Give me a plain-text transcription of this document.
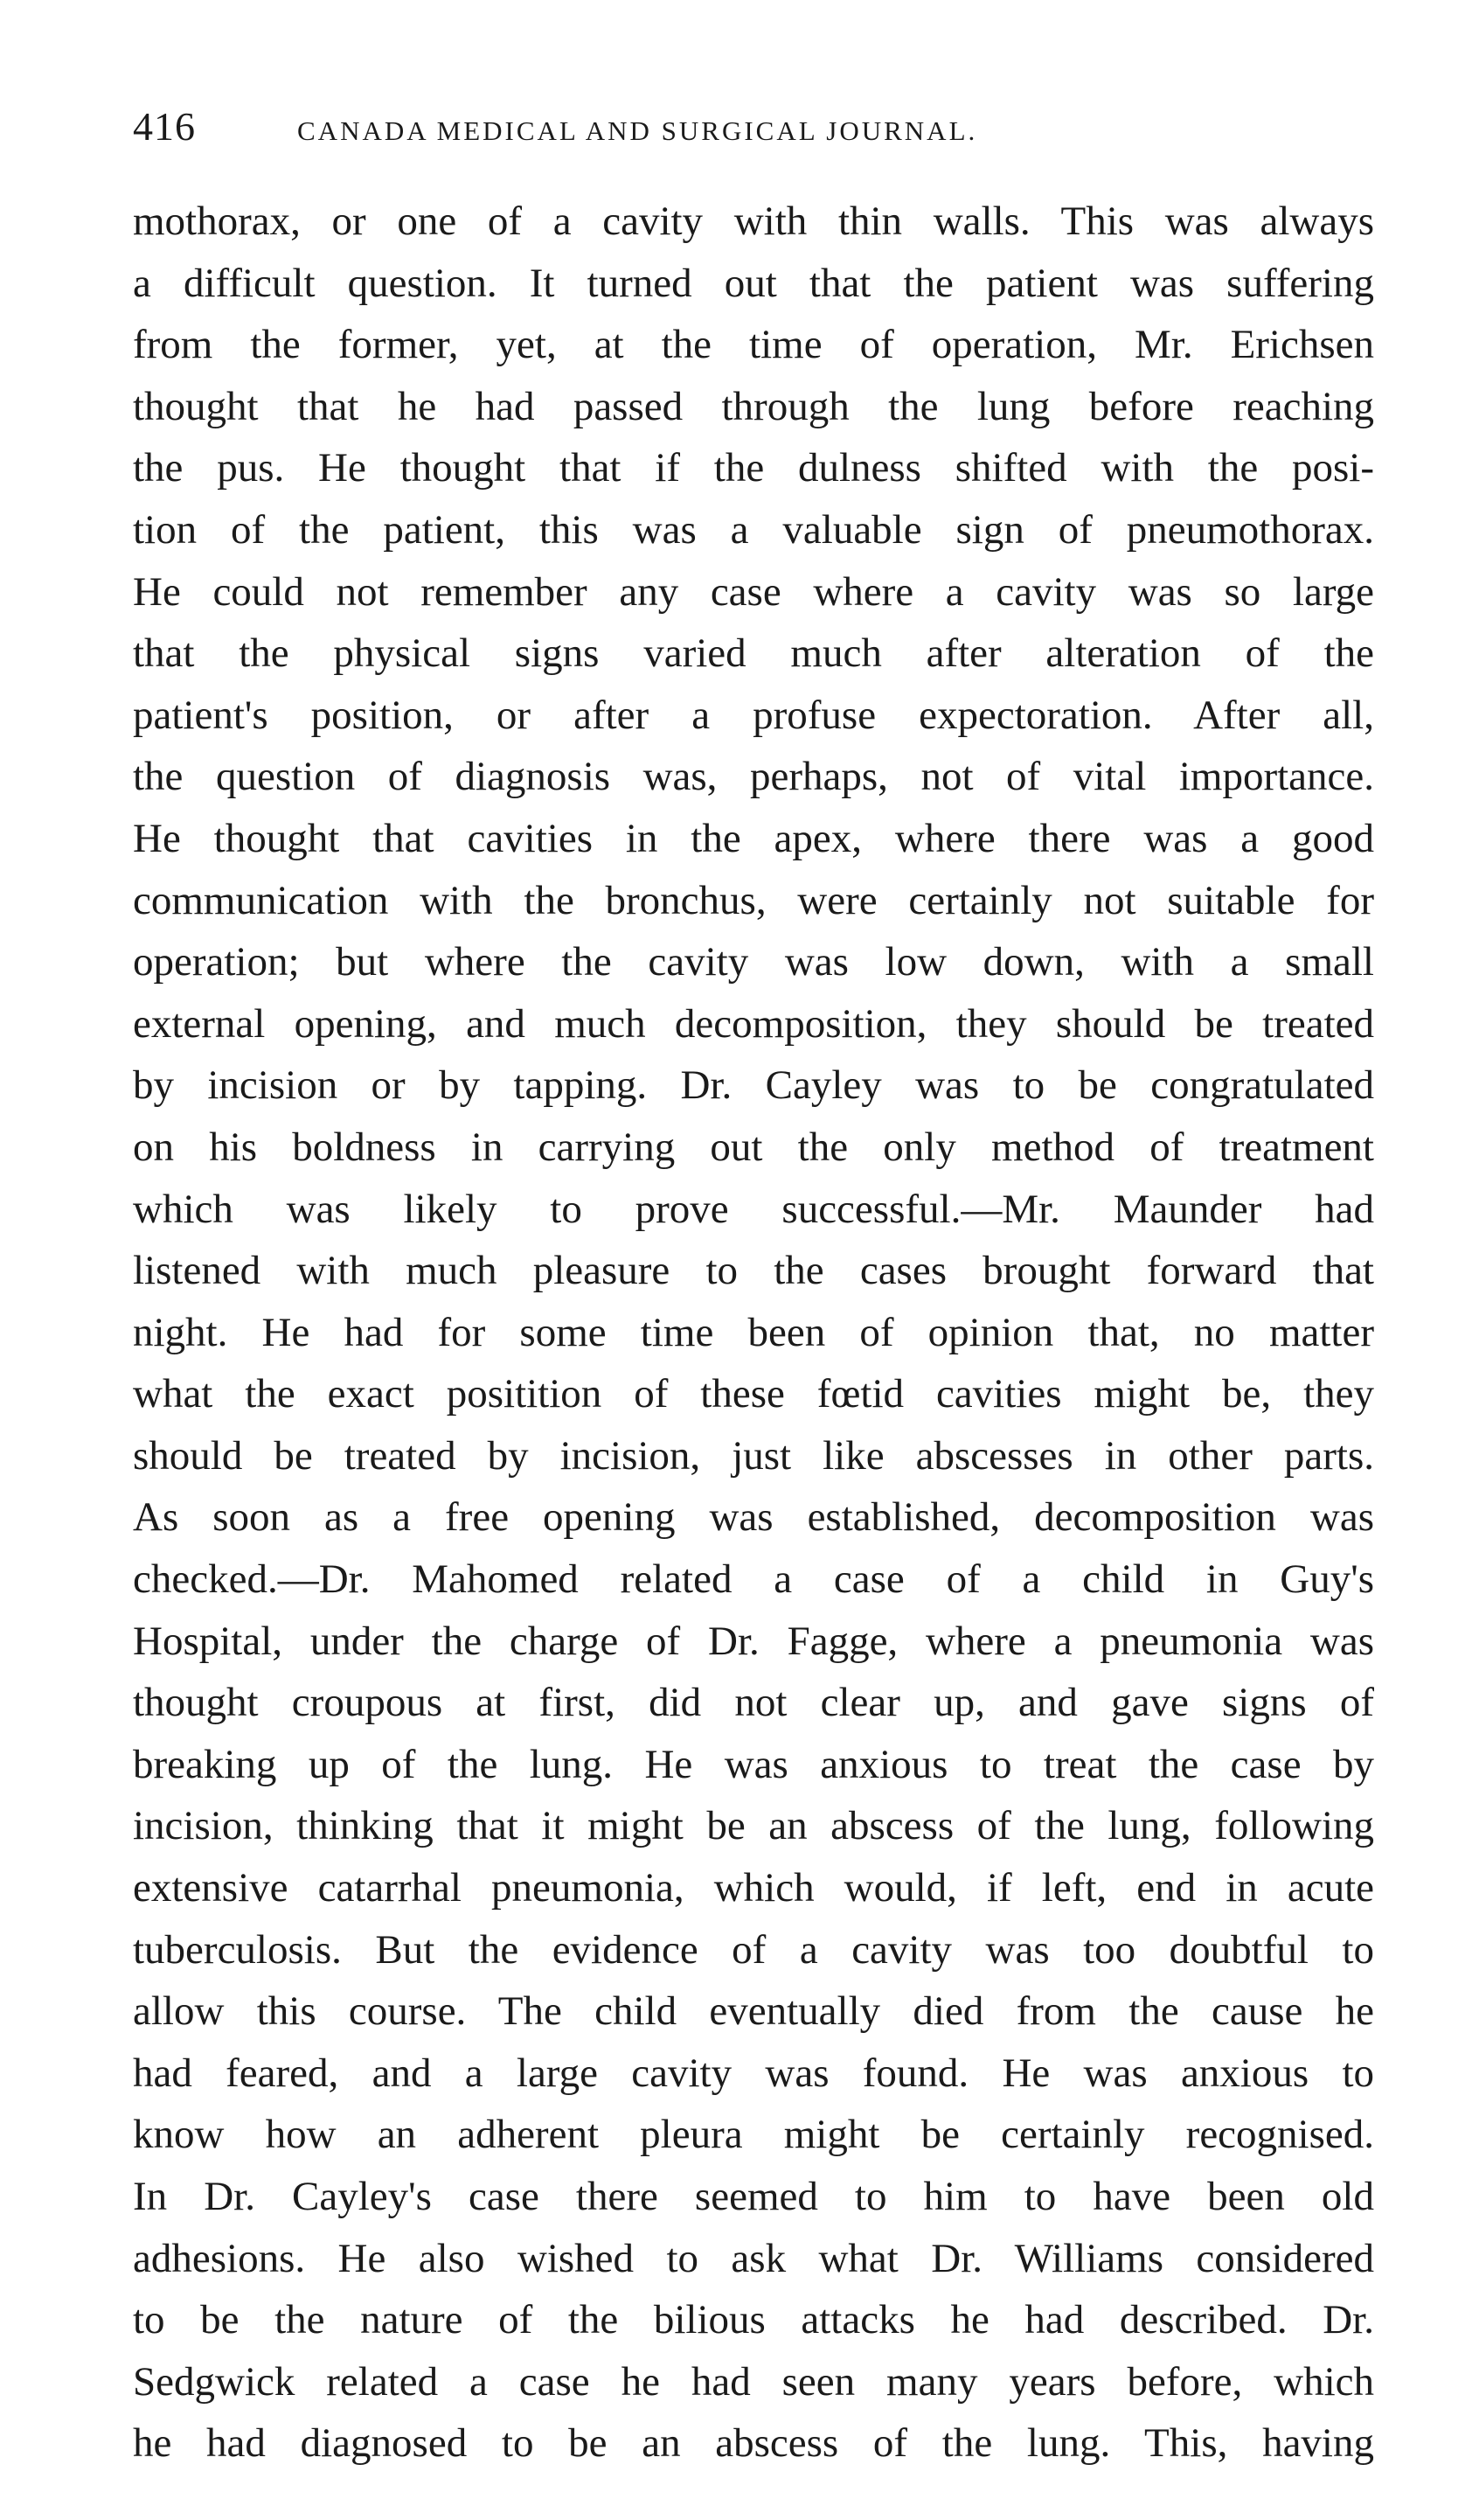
416	CANADA MEDICAL AND SURGICAL JOURNAL.
mothorax, or one of a cavity with thin walls. This was always
a difficult question. It turned out that the patient was suffering
from the former, yet, at the time of operation, Mr. Erichsen
thought that he had passed through the lung before reaching
the pus. He thought that if the dulness shifted with the posi-
tion of the patient, this was a valuable sign of pneumothorax.
He could not remember any case where a cavity was so large
that the physical signs varied much after alteration of the
patient's position, or after a profuse expectoration. After all,
the question of diagnosis was, perhaps, not of vital importance.
He thought that cavities in the apex, where there was a good
communication with the bronchus, were certainly not suitable for
operation; but where the cavity was low down, with a small
external opening, and much decomposition, they should be treated
by incision or by tapping. Dr. Cayley was to be congratulated
on his boldness in carrying out the only method of treatment
which was likely to prove successful.—Mr. Maunder had
listened with much pleasure to the cases brought forward that
night. He had for some time been of opinion that, no matter
what the exact positition of these fœtid cavities might be, they
should be treated by incision, just like abscesses in other parts.
As soon as a free opening was established, decomposition was
checked.—Dr. Mahomed related a case of a child in Guy's
Hospital, under the charge of Dr. Fagge, where a pneumonia was
thought croupous at first, did not clear up, and gave signs of
breaking up of the lung. He was anxious to treat the case by
incision, thinking that it might be an abscess of the lung, following
extensive catarrhal pneumonia, which would, if left, end in acute
tuberculosis. But the evidence of a cavity was too doubtful to
allow this course. The child eventually died from the cause he
had feared, and a large cavity was found. He was anxious to
know how an adherent pleura might be certainly recognised.
In Dr. Cayley's case there seemed to him to have been old
adhesions. He also wished to ask what Dr. Williams considered
to be the nature of the bilious attacks he had described. Dr.
Sedgwick related a case he had seen many years before, which
he had diagnosed to be an abscess of the lung. This, having
